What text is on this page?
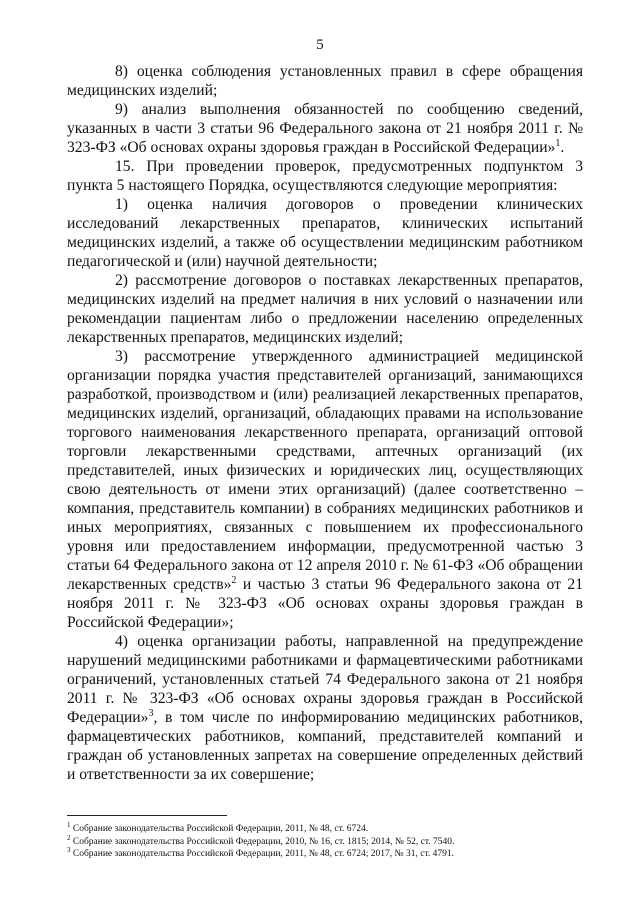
5

8) оценка соблюдения установленных правил в сфере обращения медицинских изделий;

9) анализ выполнения обязанностей по сообщению сведений, указанных в части 3 статьи 96 Федерального закона от 21 ноября 2011 г. № 323-ФЗ «Об основах охраны здоровья граждан в Российской Федерации»$^1$.

15. При проведении проверок, предусмотренных подпунктом 3 пункта 5 настоящего Порядка, осуществляются следующие мероприятия:

1) оценка наличия договоров о проведении клинических исследований лекарственных препаратов, клинических испытаний медицинских изделий, а также об осуществлении медицинским работником педагогической и (или) научной деятельности;

2) рассмотрение договоров о поставках лекарственных препаратов, медицинских изделий на предмет наличия в них условий о назначении или рекомендации пациентам либо о предложении населению определенных лекарственных препаратов, медицинских изделий;

3) рассмотрение утвержденного администрацией медицинской организации порядка участия представителей организаций, занимающихся разработкой, производством и (или) реализацией лекарственных препаратов, медицинских изделий, организаций, обладающих правами на использование торгового наименования лекарственного препарата, организаций оптовой торговли лекарственными средствами, аптечных организаций (их представителей, иных физических и юридических лиц, осуществляющих свою деятельность от имени этих организаций) (далее соответственно – компания, представитель компании) в собраниях медицинских работников и иных мероприятиях, связанных с повышением их профессионального уровня или предоставлением информации, предусмотренной частью 3 статьи 64 Федерального закона от 12 апреля 2010 г. № 61-ФЗ «Об обращении лекарственных средств»$^2$ и частью 3 статьи 96 Федерального закона от 21 ноября 2011 г. № 323-ФЗ «Об основах охраны здоровья граждан в Российской Федерации»;

4) оценка организации работы, направленной на предупреждение нарушений медицинскими работниками и фармацевтическими работниками ограничений, установленных статьей 74 Федерального закона от 21 ноября 2011 г. № 323-ФЗ «Об основах охраны здоровья граждан в Российской Федерации»$^3$, в том числе по информированию медицинских работников, фармацевтических работников, компаний, представителей компаний и граждан об установленных запретах на совершение определенных действий и ответственности за их совершение;

$^1$ Собрание законодательства Российской Федерации, 2011, № 48, ст. 6724.

$^2$ Собрание законодательства Российской Федерации, 2010, № 16, ст. 1815; 2014, № 52, ст. 7540.

$^3$ Собрание законодательства Российской Федерации, 2011, № 48, ст. 6724; 2017, № 31, ст. 4791.
